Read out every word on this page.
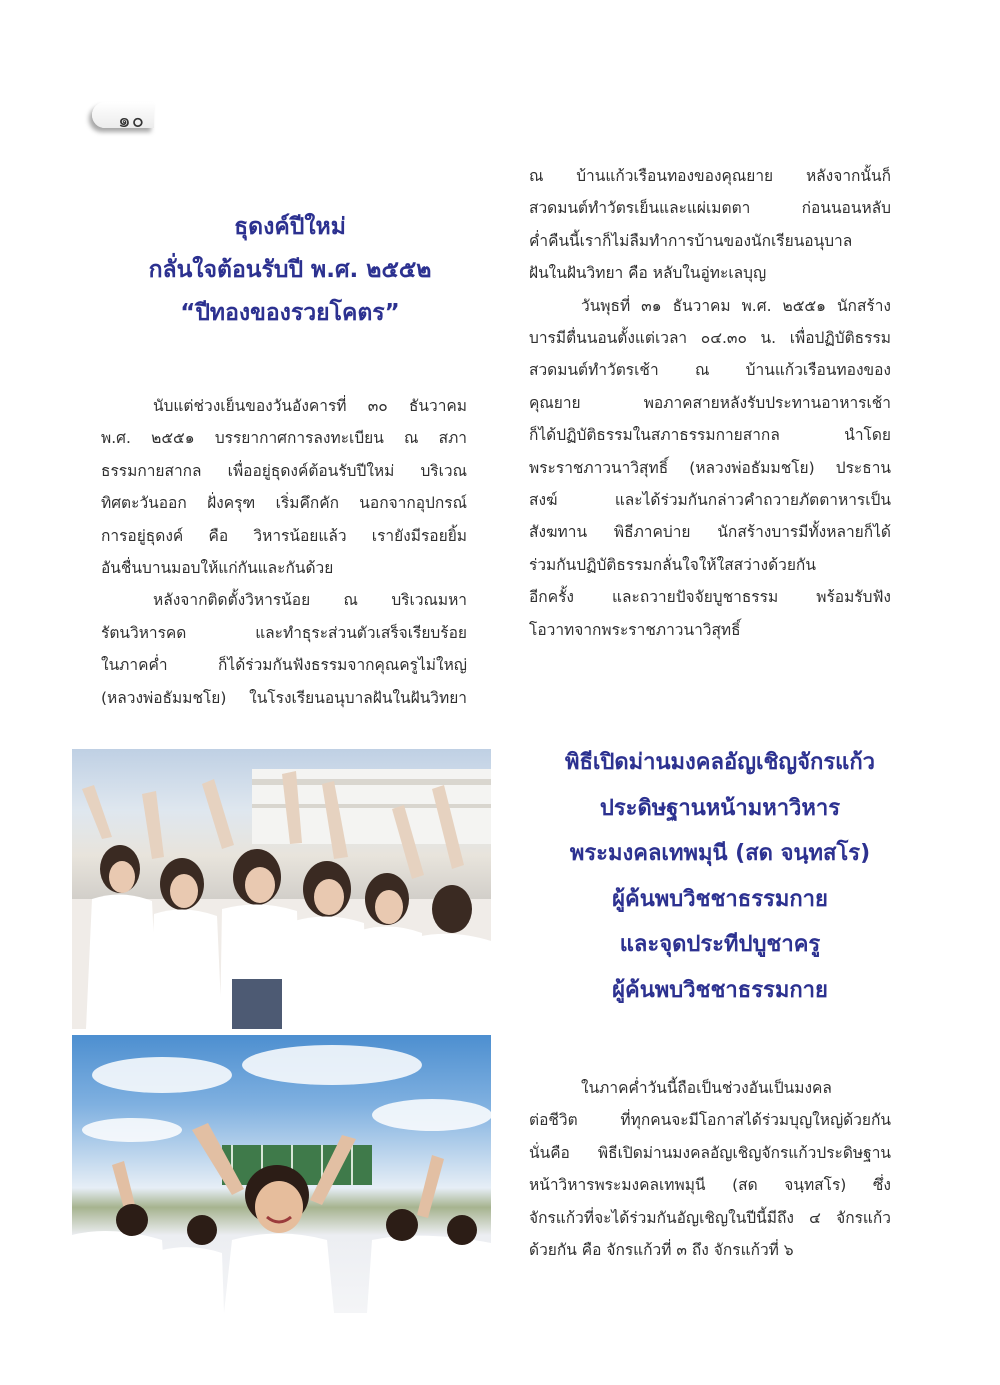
๑๐
ธุดงค์ปีใหม่
กลั่นใจต้อนรับปี พ.ศ. ๒๕๕๒
“ปีทองของรวยโคตร”

นับแต่ช่วงเย็นของวันอังคารที่ ๓๐ ธันวาคม
พ.ศ. ๒๕๕๑ บรรยากาศการลงทะเบียน ณ สภา
ธรรมกายสากล เพื่ออยู่ธุดงค์ต้อนรับปีใหม่ บริเวณ
ทิศตะวันออก ฝั่งครุฑ เริ่มคึกคัก นอกจากอุปกรณ์
การอยู่ธุดงค์ คือ วิหารน้อยแล้ว เรายังมีรอยยิ้ม
อันชื่นบานมอบให้แก่กันและกันด้วย

หลังจากติดตั้งวิหารน้อย ณ บริเวณมหา
รัตนวิหารคด และทำธุระส่วนตัวเสร็จเรียบร้อย
ในภาคค่ำ ก็ได้ร่วมกันฟังธรรมจากคุณครูไม่ใหญ่
(หลวงพ่อธัมมชโย) ในโรงเรียนอนุบาลฝันในฝันวิทยา

ณ บ้านแก้วเรือนทองของคุณยาย หลังจากนั้นก็
สวดมนต์ทำวัตรเย็นและแผ่เมตตา ก่อนนอนหลับ
ค่ำคืนนี้เราก็ไม่ลืมทำการบ้านของนักเรียนอนุบาล
ฝันในฝันวิทยา คือ หลับในอู่ทะเลบุญ

วันพุธที่ ๓๑ ธันวาคม พ.ศ. ๒๕๕๑ นักสร้าง
บารมีตื่นนอนตั้งแต่เวลา ๐๔.๓๐ น. เพื่อปฏิบัติธรรม
สวดมนต์ทำวัตรเช้า ณ บ้านแก้วเรือนทองของ
คุณยาย พอภาคสายหลังรับประทานอาหารเช้า
ก็ได้ปฏิบัติธรรมในสภาธรรมกายสากล นำโดย
พระราชภาวนาวิสุทธิ์ (หลวงพ่อธัมมชโย) ประธาน
สงฆ์ และได้ร่วมกันกล่าวคำถวายภัตตาหารเป็น
สังฆทาน พิธีภาคบ่าย นักสร้างบารมีทั้งหลายก็ได้
ร่วมกันปฏิบัติธรรมกลั่นใจให้ใสสว่างด้วยกัน
อีกครั้ง และถวายปัจจัยบูชาธรรม พร้อมรับฟัง
โอวาทจากพระราชภาวนาวิสุทธิ์

พิธีเปิดม่านมงคลอัญเชิญจักรแก้ว
ประดิษฐานหน้ามหาวิหาร
พระมงคลเทพมุนี (สด จนฺทสโร)
ผู้ค้นพบวิชชาธรรมกาย
และจุดประทีปบูชาครู
ผู้ค้นพบวิชชาธรรมกาย

ในภาคค่ำวันนี้ถือเป็นช่วงอันเป็นมงคล
ต่อชีวิต ที่ทุกคนจะมีโอกาสได้ร่วมบุญใหญ่ด้วยกัน
นั่นคือ พิธีเปิดม่านมงคลอัญเชิญจักรแก้วประดิษฐาน
หน้าวิหารพระมงคลเทพมุนี (สด จนฺทสโร) ซึ่ง
จักรแก้วที่จะได้ร่วมกันอัญเชิญในปีนี้มีถึง ๔ จักรแก้ว
ด้วยกัน คือ จักรแก้วที่ ๓ ถึง จักรแก้วที่ ๖
